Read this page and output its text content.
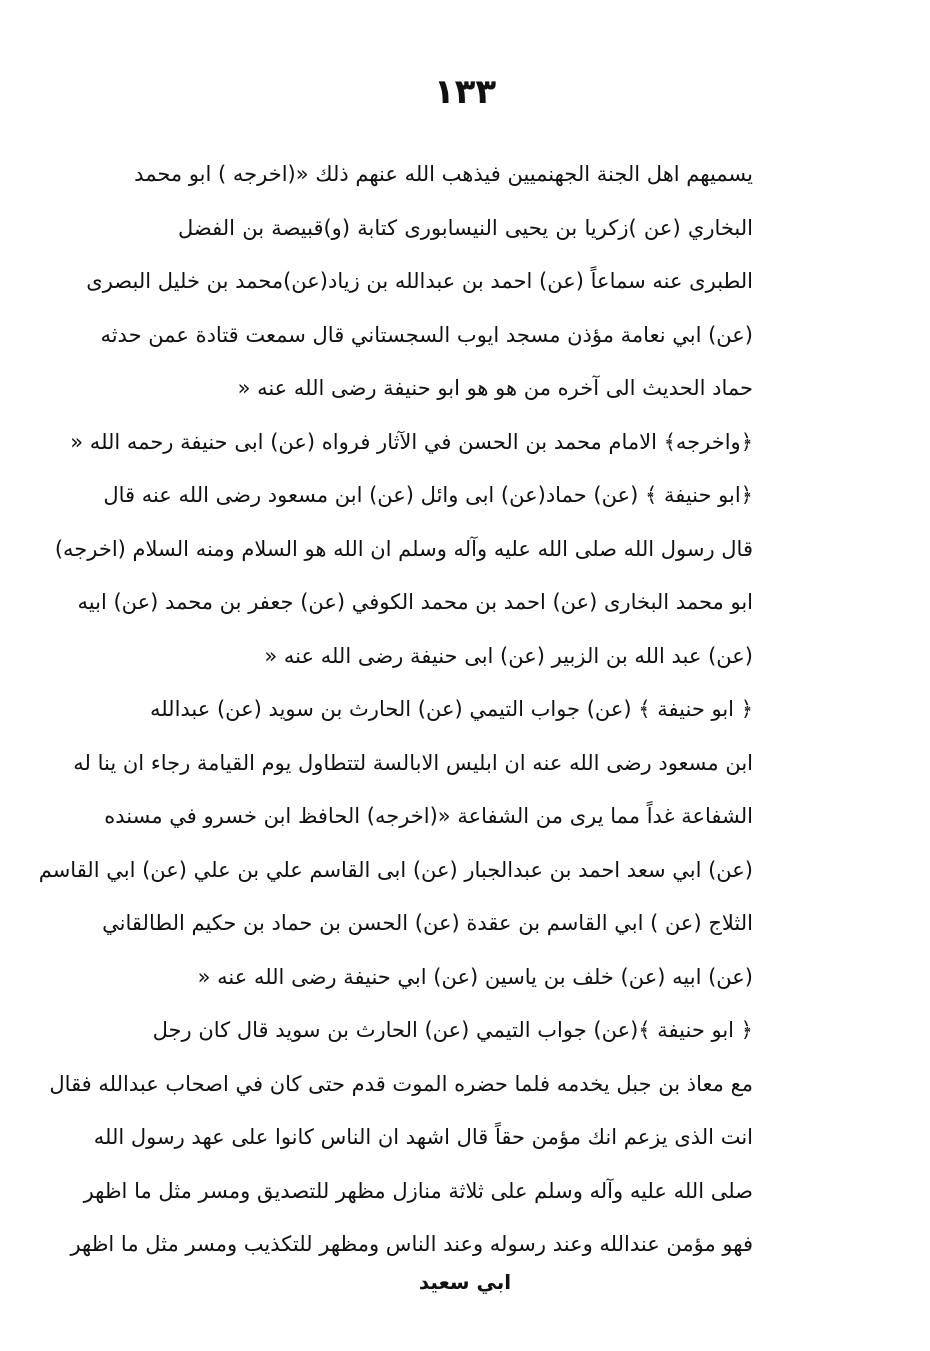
١٣٣
يسميهم اهل الجنة الجهنميين فيذهب الله عنهم ذلك «(اخرجه ) ابو محمد
البخاري (عن )زكريا بن يحيى النيسابورى كتابة (و)قبيصة بن الفضل
الطبرى عنه سماعاً (عن) احمد بن عبدالله بن زياد(عن)محمد بن خليل البصرى
(عن) ابي نعامة مؤذن مسجد ايوب السجستاني قال سمعت قتادة عمن حدثه
حماد الحديث الى آخره من هو هو ابو حنيفة رضى الله عنه «
﴿واخرجه﴾ الامام محمد بن الحسن في الآثار فرواه (عن) ابى حنيفة رحمه الله «
﴿ابو حنيفة ﴾ (عن) حماد(عن) ابى وائل (عن) ابن مسعود رضى الله عنه قال
قال رسول الله صلى الله عليه وآله وسلم ان الله هو السلام ومنه السلام (اخرجه)
ابو محمد البخارى (عن) احمد بن محمد الكوفي (عن) جعفر بن محمد (عن) ابيه
(عن) عبد الله بن الزبير (عن) ابى حنيفة رضى الله عنه «
﴿ ابو حنيفة ﴾ (عن) جواب التيمي (عن) الحارث بن سويد (عن) عبدالله
ابن مسعود رضى الله عنه ان ابليس الابالسة لتتطاول يوم القيامة رجاء ان ينا له
الشفاعة غداً مما يرى من الشفاعة «(اخرجه) الحافظ ابن خسرو في مسنده
(عن) ابي سعد احمد بن عبدالجبار (عن) ابى القاسم علي بن علي (عن) ابي القاسم
الثلاج (عن ) ابي القاسم بن عقدة (عن) الحسن بن حماد بن حكيم الطالقاني
(عن) ابيه (عن) خلف بن ياسين (عن) ابي حنيفة رضى الله عنه «
﴿ ابو حنيفة ﴾(عن) جواب التيمي (عن) الحارث بن سويد قال كان رجل
مع معاذ بن جبل يخدمه فلما حضره الموت قدم حتى كان في اصحاب عبدالله فقال
انت الذى يزعم انك مؤمن حقاً قال اشهد ان الناس كانوا على عهد رسول الله
صلى الله عليه وآله وسلم على ثلاثة منازل مظهر للتصديق ومسر مثل ما اظهر
فهو مؤمن عندالله وعند رسوله وعند الناس ومظهر للتكذيب ومسر مثل ما اظهر
ابي سعيد
